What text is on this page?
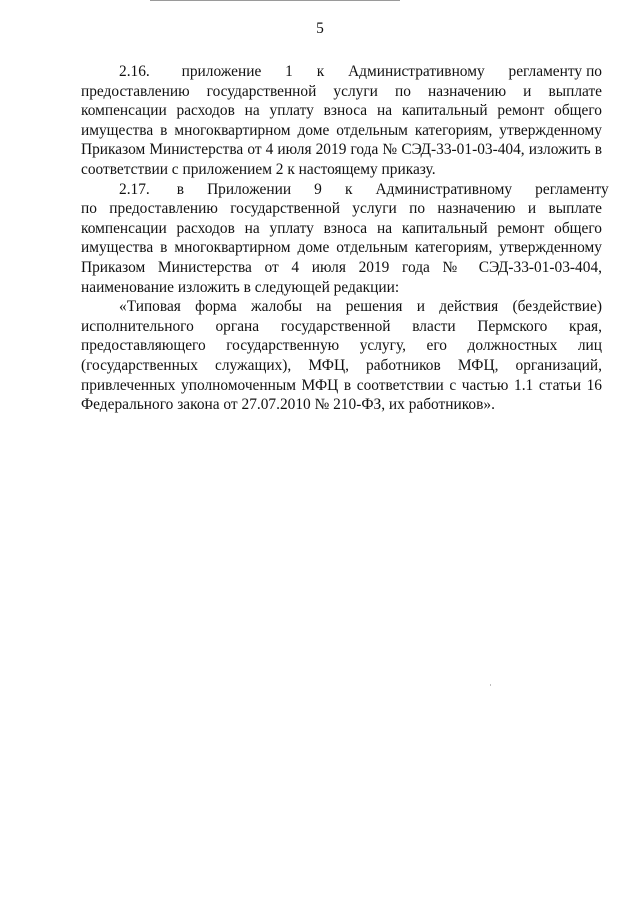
5

2.16.        приложение      1      к      Административному      регламенту по предоставлению государственной услуги по назначению и выплате компенсации расходов на уплату взноса на капитальный ремонт общего имущества в многоквартирном доме отдельным категориям, утвержденному Приказом Министерства от 4 июля 2019 года № СЭД-33-01-03-404, изложить в соответствии с приложением 2 к настоящему приказу.

2.17.       в      Приложении      9      к      Административному      регламенту по предоставлению государственной услуги по назначению и выплате компенсации расходов на уплату взноса на капитальный ремонт общего имущества в многоквартирном доме отдельным категориям, утвержденному Приказом Министерства от 4 июля 2019 года № СЭД-33-01-03-404, наименование изложить в следующей редакции:

«Типовая форма жалобы на решения и действия (бездействие) исполнительного органа государственной власти Пермского края, предоставляющего государственную услугу, его должностных лиц (государственных служащих), МФЦ, работников МФЦ, организаций, привлеченных уполномоченным МФЦ в соответствии с частью 1.1 статьи 16 Федерального закона от 27.07.2010 № 210-ФЗ, их работников».
